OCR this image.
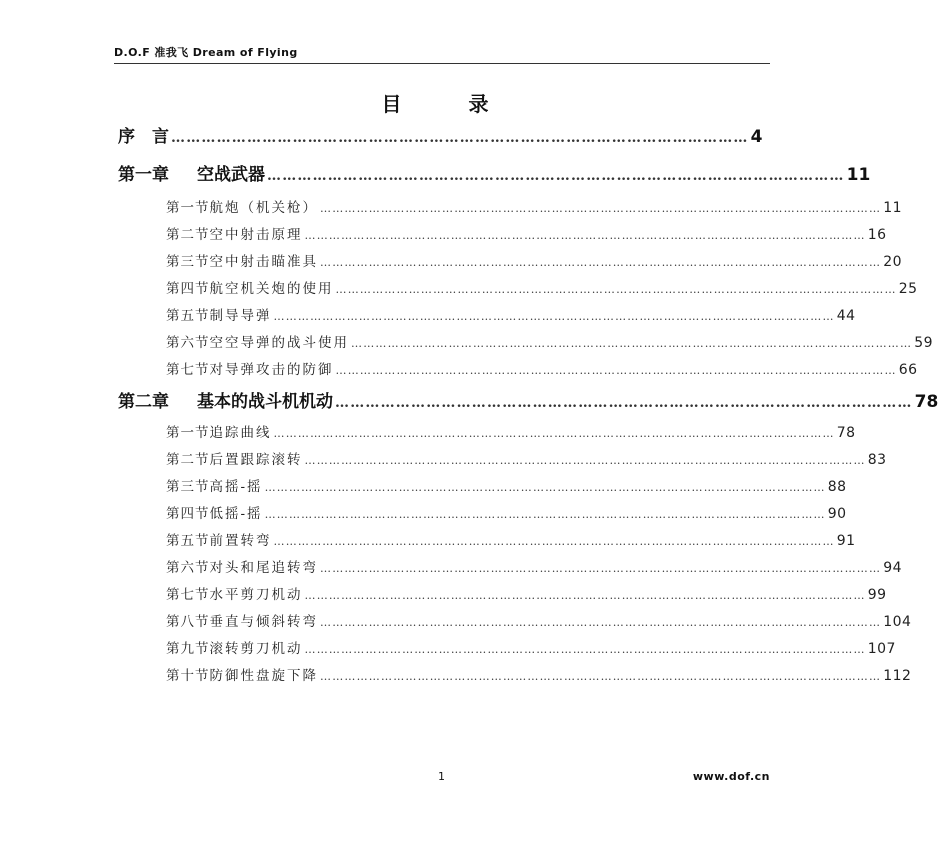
D.O.F 准我飞 Dream of Flying
目 录
序　言 …………………………………………………………………………………………………… 4
第一章 空战武器 …………………………………………………………………………………………………… 11
第一节 航炮（机关枪） ………………………………………………………………………………………………………………………… 11
第二节 空中射击原理 ………………………………………………………………………………………………………………………… 16
第三节 空中射击瞄准具 ………………………………………………………………………………………………………………………… 20
第四节 航空机关炮的使用 ………………………………………………………………………………………………………………………… 25
第五节 制导导弹 ………………………………………………………………………………………………………………………… 44
第六节 空空导弹的战斗使用 ………………………………………………………………………………………………………………………… 59
第七节 对导弹攻击的防御 ………………………………………………………………………………………………………………………… 66
第二章 基本的战斗机机动 …………………………………………………………………………………………………… 78
第一节 追踪曲线 ………………………………………………………………………………………………………………………… 78
第二节 后置跟踪滚转 ………………………………………………………………………………………………………………………… 83
第三节 高摇-摇 ………………………………………………………………………………………………………………………… 88
第四节 低摇-摇 ………………………………………………………………………………………………………………………… 90
第五节 前置转弯 ………………………………………………………………………………………………………………………… 91
第六节 对头和尾追转弯 ………………………………………………………………………………………………………………………… 94
第七节 水平剪刀机动 ………………………………………………………………………………………………………………………… 99
第八节 垂直与倾斜转弯 ………………………………………………………………………………………………………………………… 104
第九节 滚转剪刀机动 ………………………………………………………………………………………………………………………… 107
第十节 防御性盘旋下降 ………………………………………………………………………………………………………………………… 112
1	www.dof.cn
